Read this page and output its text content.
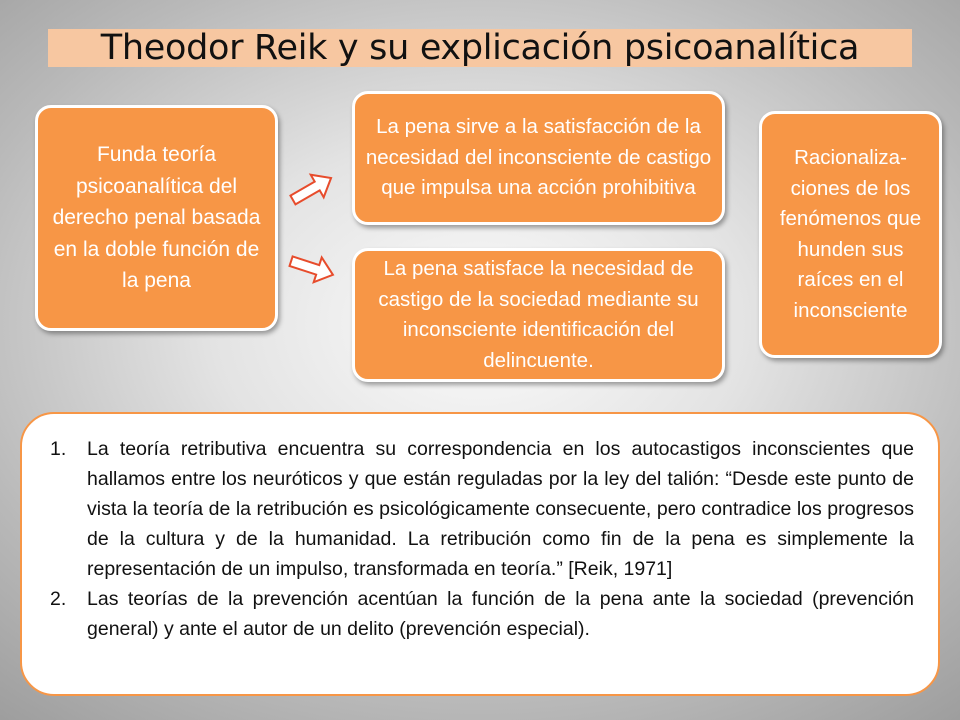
Theodor Reik y su explicación psicoanalítica
Funda teoría psicoanalítica del derecho penal basada en la doble función de la pena
La pena sirve a la satisfacción de la necesidad del inconsciente de castigo que impulsa una acción prohibitiva
La pena satisface la necesidad de castigo de la sociedad mediante su inconsciente identificación del delincuente.
Racionaliza-ciones de los fenómenos que hunden sus raíces en el inconsciente
1. La teoría retributiva encuentra su correspondencia en los autocastigos inconscientes que hallamos entre los neuróticos y que están reguladas por la ley del talión: “Desde este punto de vista la teoría de la retribución es psicológicamente consecuente, pero contradice los progresos de la cultura y de la humanidad. La retribución como fin de la pena es simplemente la representación de un impulso, transformada en teoría.” [Reik, 1971]
2. Las teorías de la prevención acentúan la función de la pena ante la sociedad (prevención general) y ante el autor de un delito (prevención especial).
